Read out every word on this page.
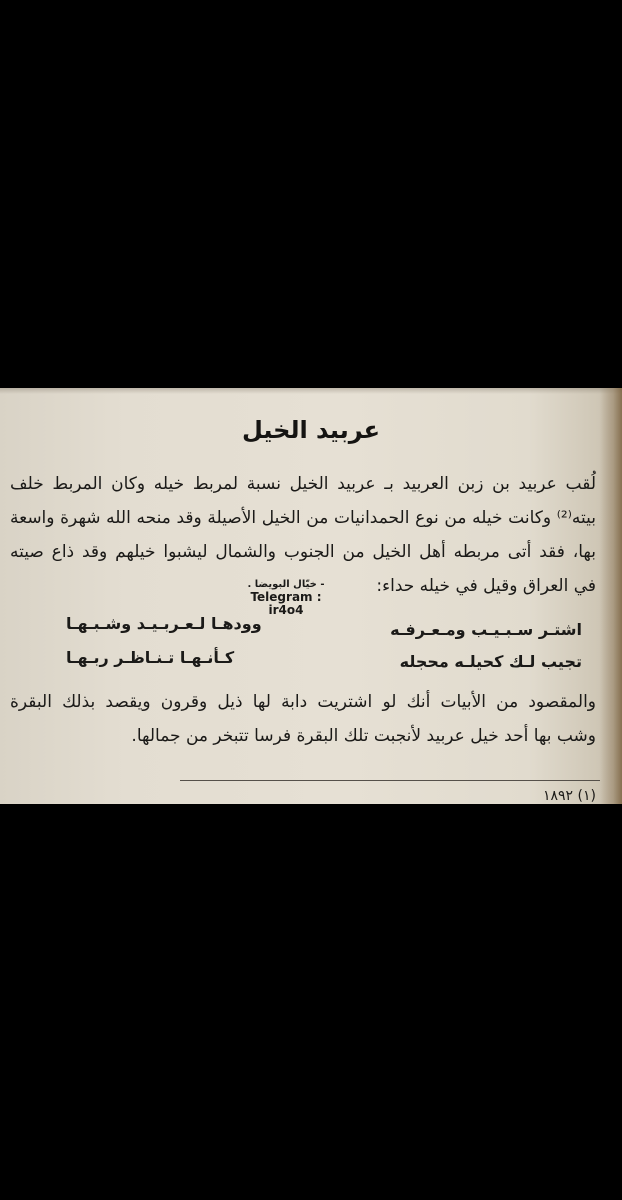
عربيد الخيل
لُقب عربيد بن زبن العربيد بـ عربيد الخيل نسبة لمربط خيله وكان المربط خلف
بيته⁽²⁾ وكانت خيله من نوع الحمدانيات من الخيل الأصيلة وقد منحه الله شهرة واسعة
بها، فقد أتى مربطه أهل الخيل من الجنوب والشمال ليشبوا خيلهم وقد ذاع صيته
في العراق وقيل في خيله حداء:
- خيّال البويضا .
Telegram : ir4o4
اشتـر سـبـيـب ومـعـرفـه
وودهـا لـعـربـيـد وشـبـهـا
تجيب لـك كحيلـه محجله
كـأنـهـا تـنـاظـر ربـهـا
والمقصود من الأبيات أنك لو اشتريت دابة لها ذيل وقرون ويقصد بذلك البقرة
وشب بها أحد خيل عربيد لأنجبت تلك البقرة فرسا تتبخر من جمالها.
(١) ١٨٩٢
